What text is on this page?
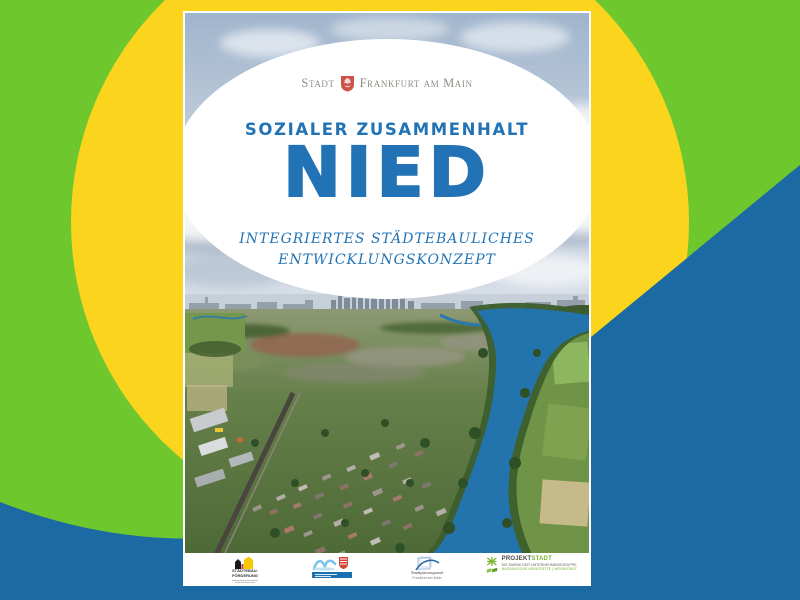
Stadt Frankfurt am Main
SOZIALER ZUSAMMENHALT
NIED
INTEGRIERTES STÄDTEBAULICHES
ENTWICKLUNGSKONZEPT
STÄDTEBAU-
FÖRDERUNG
Stadtplanungsamt
Frankfurt am Main
PROJEKTSTADT
DIE MARKE DER UNTERNEHMENSGRUPPE
NASSAUISCHE HEIMSTÄTTE | WOHNSTADT
